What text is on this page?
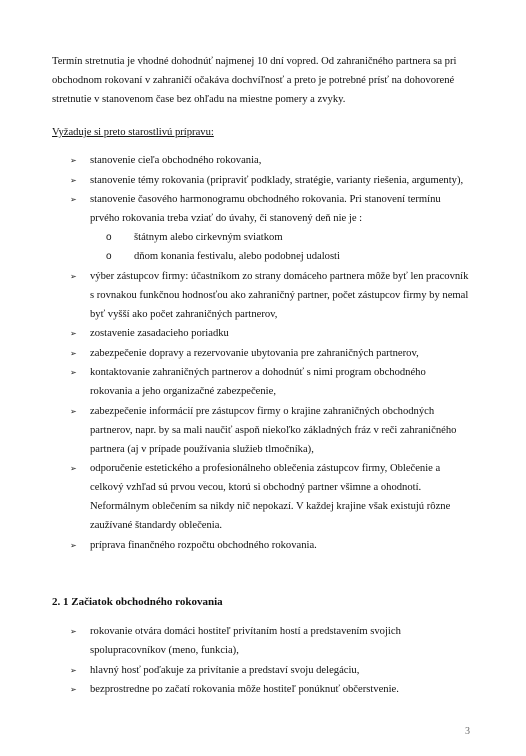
Termín stretnutia je vhodné dohodnúť najmenej 10 dní vopred. Od zahraničného partnera sa pri obchodnom rokovaní v zahraničí očakáva dochvíľnosť a preto je potrebné prísť na dohovorené stretnutie v stanovenom čase bez ohľadu na miestne pomery a zvyky.

Vyžaduje si preto starostlivú prípravu:

➢ stanovenie cieľa obchodného rokovania,
➢ stanovenie témy rokovania (pripraviť podklady, stratégie, varianty riešenia, argumenty),
➢ stanovenie časového harmonogramu obchodného rokovania. Pri stanovení termínu prvého rokovania treba vziať do úvahy, či stanovený deň nie je :
o štátnym alebo cirkevným sviatkom
o dňom konania festivalu, alebo podobnej udalosti
➢ výber zástupcov firmy: účastníkom zo strany domáceho partnera môže byť len pracovník s rovnakou funkčnou hodnosťou ako zahraničný partner, počet zástupcov firmy by nemal byť vyšší ako počet zahraničných partnerov,
➢ zostavenie zasadacieho poriadku
➢ zabezpečenie dopravy a rezervovanie ubytovania pre zahraničných partnerov,
➢ kontaktovanie zahraničných partnerov a dohodnúť s nimi program obchodného rokovania a jeho organizačné zabezpečenie,
➢ zabezpečenie informácií pre zástupcov firmy o krajine zahraničných obchodných partnerov, napr. by sa mali naučiť aspoň niekoľko základných fráz v reči zahraničného partnera (aj v prípade používania služieb tlmočníka),
➢ odporučenie estetického a profesionálneho oblečenia zástupcov firmy, Oblečenie a celkový vzhľad sú prvou vecou, ktorú si obchodný partner všimne a ohodnotí. Neformálnym oblečením sa nikdy nič nepokazí. V každej krajine však existujú rôzne zaužívané štandardy oblečenia.
➢ príprava finančného rozpočtu obchodného rokovania.

2. 1 Začiatok obchodného rokovania

➢ rokovanie otvára domáci hostiteľ privítaním hostí a predstavením svojich spolupracovníkov (meno, funkcia),
➢ hlavný hosť poďakuje za privítanie a predstaví svoju delegáciu,
➢ bezprostredne po začatí rokovania môže hostiteľ ponúknuť občerstvenie.
3
